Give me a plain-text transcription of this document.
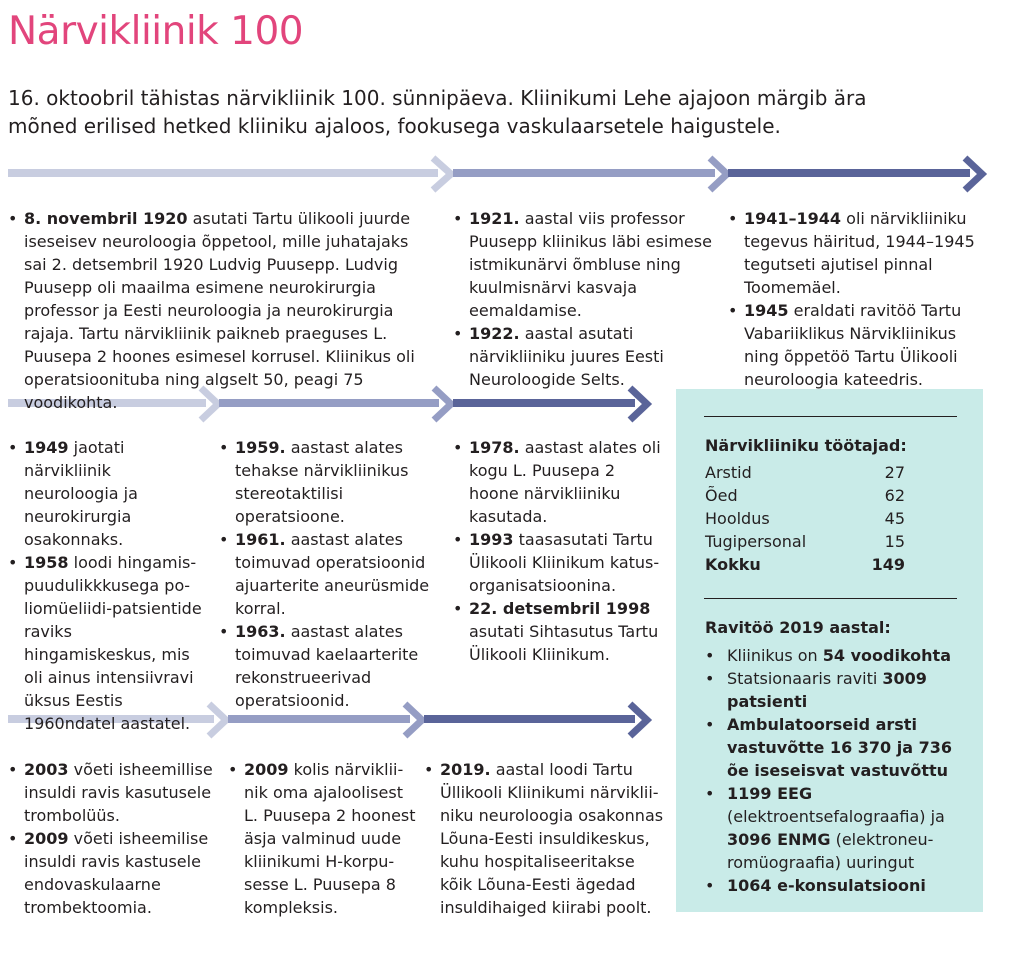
Närvikliinik 100

16. oktoobril tähistas närvikliinik 100. sünnipäeva. Kliinikumi Lehe ajajoon märgib ära mõned erilised hetked kliiniku ajaloos, fookusega vaskulaarsetele haigustele.

• 8. novembril 1920 asutati Tartu ülikooli juurde iseseisev neuroloogia õppetool, mille juhatajaks sai 2. detsembril 1920 Ludvig Puusepp. Ludvig Puusepp oli maailma esimene neurokirurgia professor ja Eesti neuroloogia ja neurokirurgia rajaja. Tartu närvikliinik paikneb praeguses L. Puusepa 2 hoones esimesel korrusel. Kliinikus oli operatsioonituba ning algselt 50, peagi 75 voodikohta.
• 1921. aastal viis professor Puusepp kliinikus läbi esimese istmikunärvi õmbluse ning kuulmisnärvi kasvaja eemaldamise.
• 1922. aastal asutati närvikliiniku juures Eesti Neuroloogide Selts.
• 1941–1944 oli närvikliiniku tegevus häiritud, 1944–1945 tegutseti ajutisel pinnal Toomemäel.
• 1945 eraldati ravitöö Tartu Vabariiklikus Närvikliinikus ning õppetöö Tartu Ülikooli neuroloogia kateedris.
• 1949 jaotati närvikliinik neuroloogia ja neurokirurgia osakonnaks.
• 1958 loodi hingamispuudulikkkusega poliomüeliidi-patsientide raviks hingamiskeskus, mis oli ainus intensiivravi üksus Eestis 1960ndatel aastatel.
• 1959. aastast alates tehakse närvikliinikus stereotaktilisi operatsioone.
• 1961. aastast alates toimuvad operatsioonid ajuarterite aneurüsmide korral.
• 1963. aastast alates toimuvad kaelaarterite rekonstrueerivad operatsioonid.
• 1978. aastast alates oli kogu L. Puusepa 2 hoone närvikliiniku kasutada.
• 1993 taasasutati Tartu Ülikooli Kliinikum katusorganisatsioonina.
• 22. detsembril 1998 asutati Sihtasutus Tartu Ülikooli Kliinikum.
• 2003 võeti isheemillise insuldi ravis kasutusele trombolüüs.
• 2009 võeti isheemilise insuldi ravis kastusele endovaskulaarne trombektoomia.
• 2009 kolis närvikliinik oma ajaloolisest L. Puusepa 2 hoonest äsja valminud uude kliinikumi H-korpusesse L. Puusepa 8 kompleksis.
• 2019. aastal loodi Tartu Üllikooli Kliinikumi närvikliiniku neuroloogia osakonnas Lõuna-Eesti insuldikeskus, kuhu hospitaliseeritakse kõik Lõuna-Eesti ägedad insuldihaiged kiirabi poolt.
Närvikliiniku töötajad:
Ravitöö 2019 aastal:
Arstid	27
Õed	62
Hooldus	45
Tugipersonal	15
Kokku	149
• Kliinikus on 54 voodikohta
• Statsionaaris raviti 3009 patsienti
• Ambulatoorseid arsti vastuvõtte 16 370 ja 736 õe iseseisvat vastuvõttu
• 1199 EEG (elektroentsefalograafia) ja 3096 ENMG (elektroneuromüograafia) uuringut
• 1064 e-konsulatsiooni
